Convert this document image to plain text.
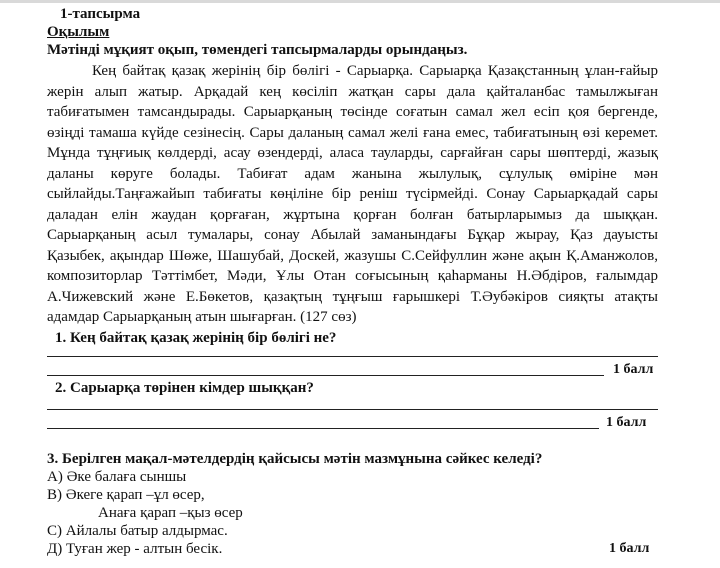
1-тапсырма
Оқылым
Мәтінді мұқият оқып, төмендегі тапсырмаларды орындаңыз.
Кең байтақ қазақ жерінің бір бөлігі - Сарыарқа. Сарыарқа Қазақстанның ұлан-ғайыр
жерін алып жатыр. Арқадай кең көсіліп жатқан сары дала қайталанбас тамылжыған
табиғатымен тамсандырады. Сарыарқаның төсінде соғатын самал жел есіп қоя бергенде,
өзіңді тамаша күйде сезінесің. Сары даланың самал желі ғана емес, табиғатының өзі керемет.
Мұнда тұңғиық көлдерді, асау өзендерді, аласа тауларды, сарғайған сары шөптерді, жазық
даланы көруге болады. Табиғат адам жанына жылулық, сұлулық өміріне мән
сыйлайды.Таңғажайып табиғаты көңіліне бір реніш түсірмейді. Сонау Сарыарқадай сары
даладан елін жаудан қорғаған, жұртына қорған болған батырларымыз да шыққан.
Сарыарқаның асыл тумалары, сонау Абылай заманындағы Бұқар жырау, Қаз дауысты
Қазыбек, ақындар Шөже, Шашубай, Доскей, жазушы С.Сейфуллин және ақын Қ.Аманжолов,
композиторлар Тәттімбет, Мәди, Ұлы Отан соғысының қаһарманы Н.Әбдіров, ғалымдар
А.Чижевский және Е.Бөкетов, қазақтың тұңғыш ғарышкері Т.Әубәкіров сияқты атақты
адамдар Сарыарқаның атын шығарған. (127 сөз)
1. Кең байтақ қазақ жерінің бір бөлігі не?
1 балл
2. Сарыарқа төрінен кімдер шыққан?
1 балл
3. Берілген мақал-мәтелдердің қайсысы мәтін мазмұнына сәйкес келеді?
А) Әке балаға сыншы
В) Әкеге қарап –ұл өсер,
Анаға қарап –қыз өсер
С) Айлалы батыр алдырмас.
Д) Туған жер - алтын бесік.	1 балл
